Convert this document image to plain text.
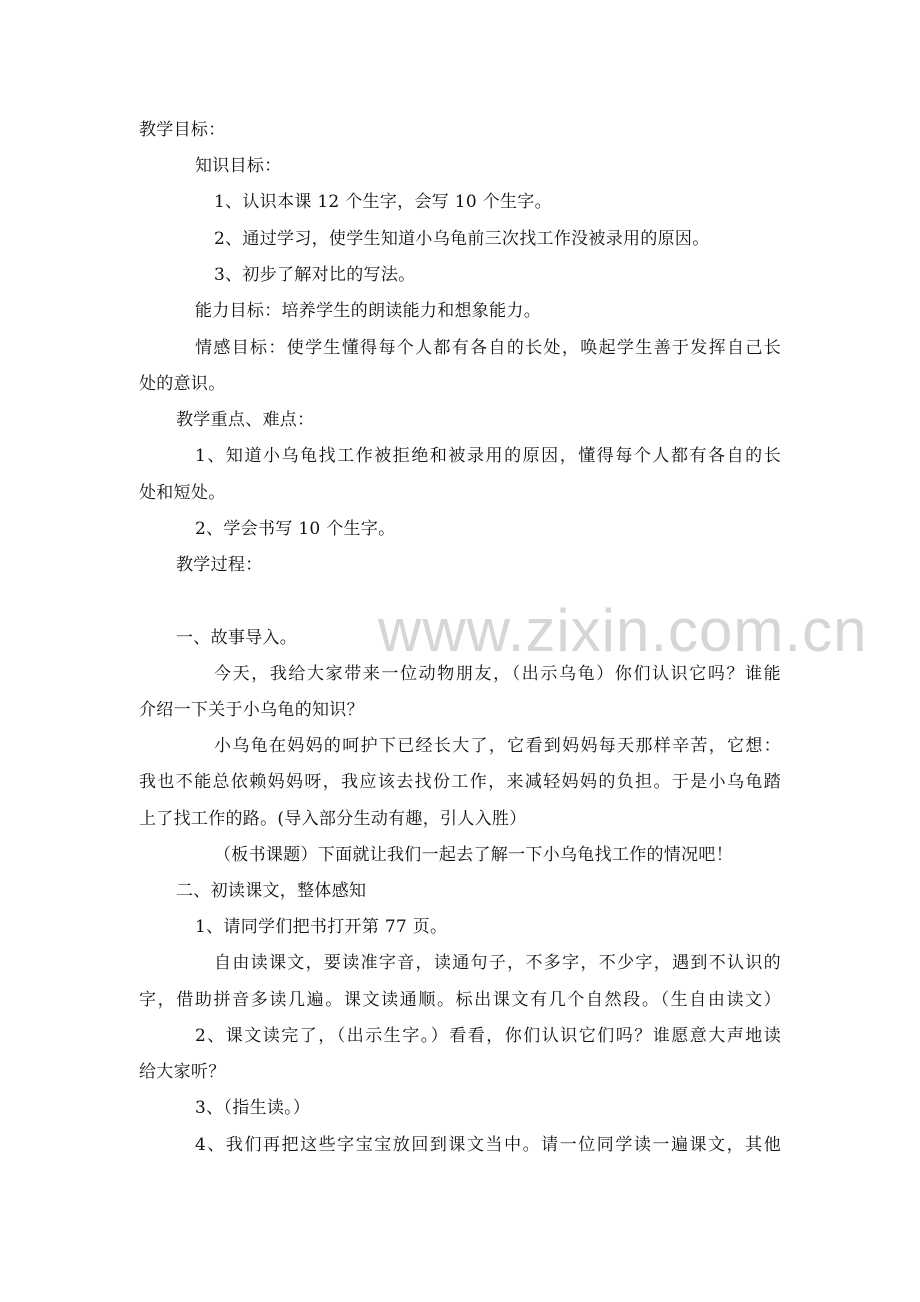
www.zixin.com.cn
教学目标：
知识目标：
1、认识本课 12 个生字，会写 10 个生字。
2、通过学习，使学生知道小乌龟前三次找工作没被录用的原因。
3、初步了解对比的写法。
能力目标：培养学生的朗读能力和想象能力。
情感目标：使学生懂得每个人都有各自的长处，唤起学生善于发挥自己长
处的意识。
教学重点、难点：
1、知道小乌龟找工作被拒绝和被录用的原因，懂得每个人都有各自的长
处和短处。
2、学会书写 10 个生字。
教学过程：
一、故事导入。
今天，我给大家带来一位动物朋友，（出示乌龟）你们认识它吗？谁能
介绍一下关于小乌龟的知识？
小乌龟在妈妈的呵护下已经长大了，它看到妈妈每天那样辛苦，它想：
我也不能总依赖妈妈呀，我应该去找份工作，来减轻妈妈的负担。于是小乌龟踏
上了找工作的路。(导入部分生动有趣，引人入胜）
（板书课题）下面就让我们一起去了解一下小乌龟找工作的情况吧！
二、初读课文，整体感知
1、请同学们把书打开第 77 页。
自由读课文，要读准字音，读通句子，不多字，不少字，遇到不认识的
字，借助拼音多读几遍。课文读通顺。标出课文有几个自然段。（生自由读文）
2、课文读完了，（出示生字。）看看，你们认识它们吗？谁愿意大声地读
给大家听？
3、（指生读。）
4、我们再把这些字宝宝放回到课文当中。请一位同学读一遍课文，其他
